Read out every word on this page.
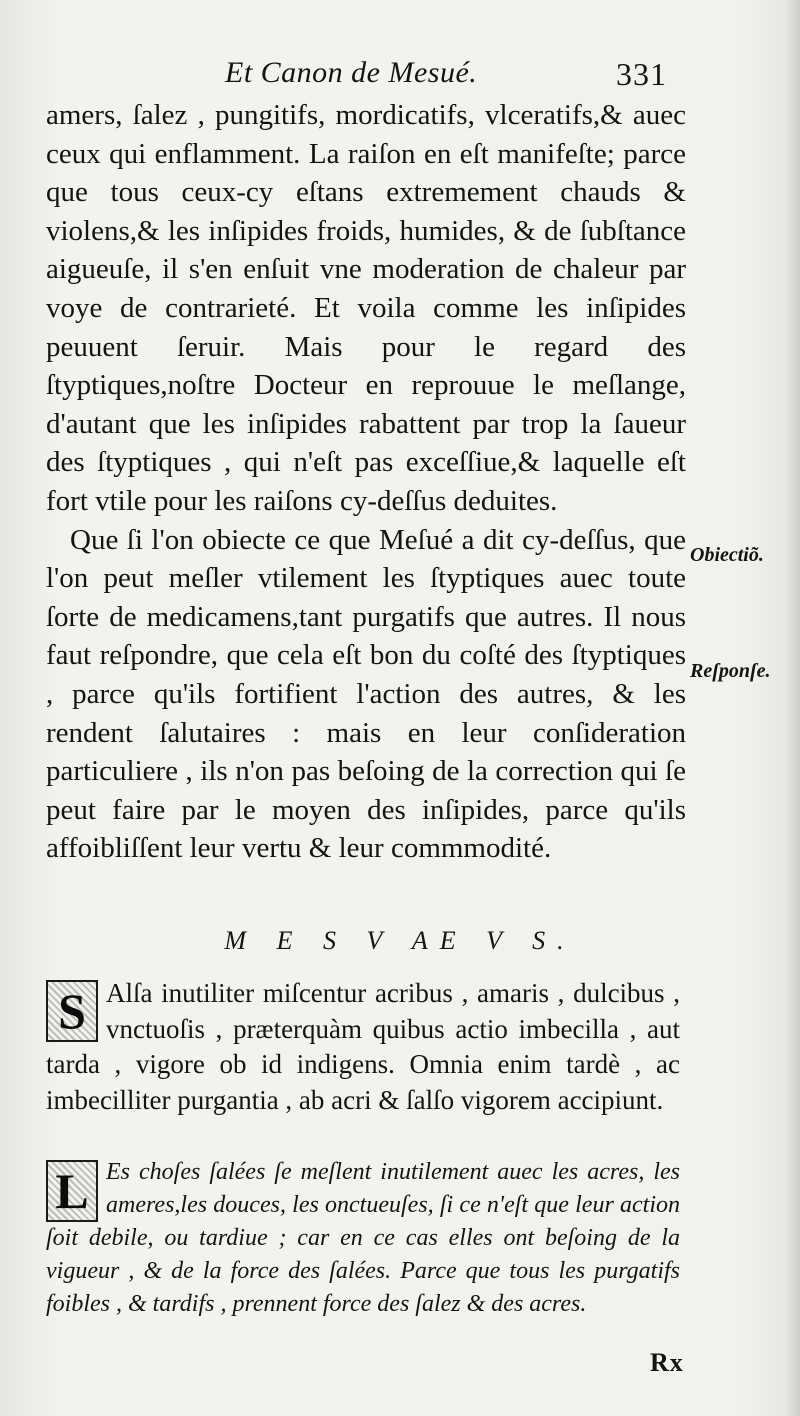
Et Canon de Mesué.	331

amers, ſalez , pungitifs, mordicatifs, vlceratifs,& auec ceux qui enflamment. La raiſon en eſt manifeſte; parce que tous ceux-cy eſtans extremement chauds & violens,& les inſipides froids, humides, & de ſubſtance aigueuſe, il s'en enſuit vne moderation de chaleur par voye de contrarieté. Et voila comme les inſipides peuuent ſeruir. Mais pour le regard des ſtyptiques,noſtre Docteur en reprouue le meſlange, d'autant que les inſipides rabattent par trop la ſaueur des ſtyptiques , qui n'eſt pas exceſſiue,& laquelle eſt fort vtile pour les raiſons cy-deſſus deduites.

Que ſi l'on obiecte ce que Meſué a dit cy-deſſus, que l'on peut meſler vtilement les ſtyptiques auec toute ſorte de medicamens,tant purgatifs que autres. Il nous faut reſpondre, que cela eſt bon du coſté des ſtyptiques , parce qu'ils fortifient l'action des autres, & les rendent ſalutaires : mais en leur conſideration particuliere , ils n'on pas beſoing de la correction qui ſe peut faire par le moyen des inſipides, parce qu'ils affoibliſſent leur vertu & leur commmodité.

Obiectiõ.
Reſponſe.
M E S V AE V S.
S Alſa inutiliter miſcentur acribus , amaris , dulcibus , vnctuoſis , præterquàm quibus actio imbecilla , aut tarda , vigore ob id indigens. Omnia enim tardè , ac imbecilliter purgantia , ab acri & ſalſo vigorem accipiunt.
L Es choſes ſalées ſe meſlent inutilement auec les acres, les ameres,les douces, les onctueuſes, ſi ce n'eſt que leur action ſoit debile, ou tardiue ; car en ce cas elles ont beſoing de la vigueur , & de la force des ſalées. Parce que tous les purgatifs foibles , & tardifs , prennent force des ſalez & des acres.
Rx
